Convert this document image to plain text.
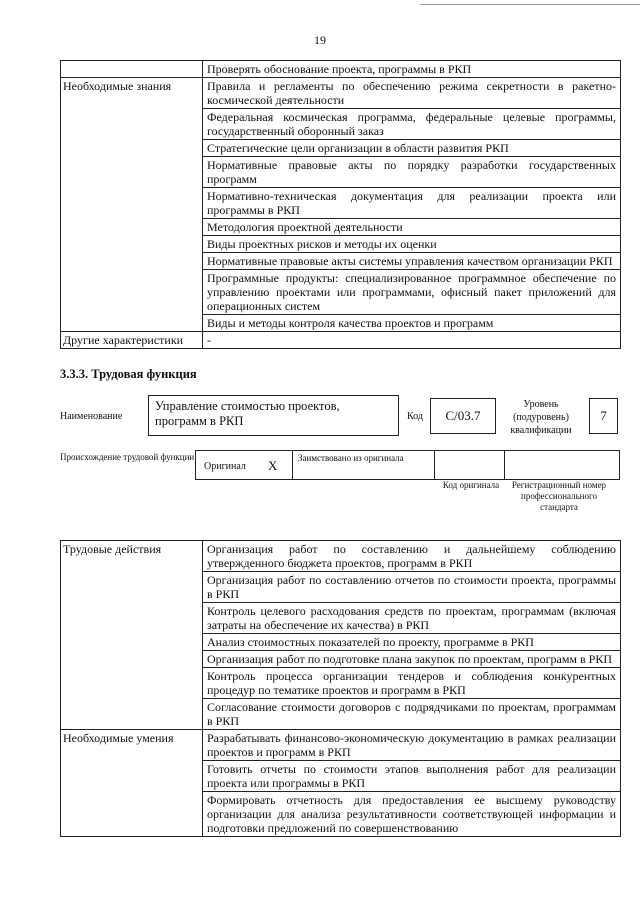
19
	Проверять обоснование проекта, программы в РКП
Необходимые знания	Правила и регламенты по обеспечению режима секретности в ракетно-космической деятельности
	Федеральная космическая программа, федеральные целевые программы, государственный оборонный заказ
	Стратегические цели организации в области развития РКП
	Нормативные правовые акты по порядку разработки государственных программ
	Нормативно-техническая документация для реализации проекта или программы в РКП
	Методология проектной деятельности
	Виды проектных рисков и методы их оценки
	Нормативные правовые акты системы управления качеством организации РКП
	Программные продукты: специализированное программное обеспечение по управлению проектами или программами, офисный пакет приложений для операционных систем
	Виды и методы контроля качества проектов и программ
Другие характеристики	-
3.3.3. Трудовая функция
Наименование
Управление стоимостью проектов, программ в РКП	Код	C/03.7
Уровень (подуровень) квалификации
7
Происхождение трудовой функции
Оригинал X Заимствовано из оригинала
Код оригинала	Регистрационный номер профессионального стандарта
Трудовые действия	Организация работ по составлению и дальнейшему соблюдению утвержденного бюджета проектов, программ в РКП
	Организация работ по составлению отчетов по стоимости проекта, программы в РКП
	Контроль целевого расходования средств по проектам, программам (включая затраты на обеспечение их качества) в РКП
	Анализ стоимостных показателей по проекту, программе в РКП
	Организация работ по подготовке плана закупок по проектам, программ в РКП
	Контроль процесса организации тендеров и соблюдения конкурентных процедур по тематике проектов и программ в РКП
	Согласование стоимости договоров с подрядчиками по проектам, программам в РКП
Необходимые умения	Разрабатывать финансово-экономическую документацию в рамках реализации проектов и программ в РКП
	Готовить отчеты по стоимости этапов выполнения работ для реализации проекта или программы в РКП
	Формировать отчетность для предоставления ее высшему руководству организации для анализа результативности соответствующей информации и подготовки предложений по совершенствованию
